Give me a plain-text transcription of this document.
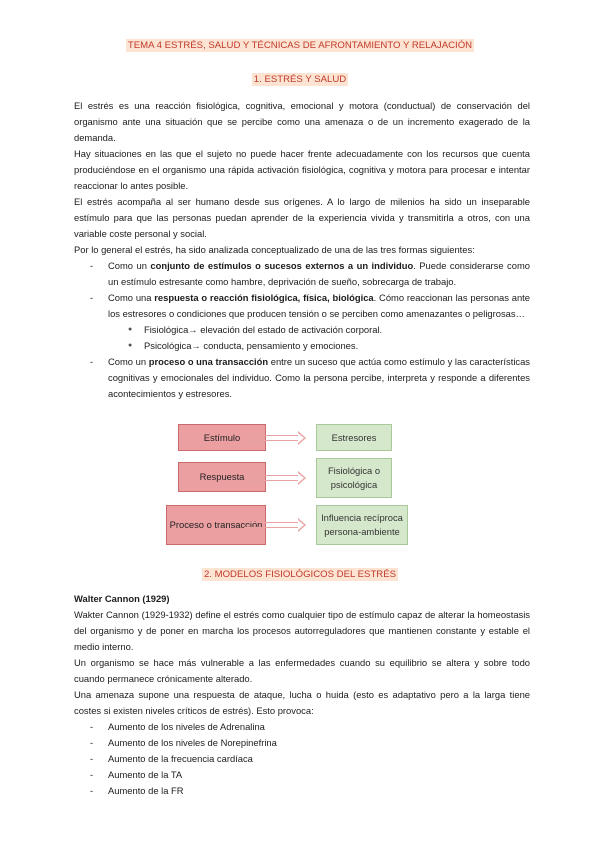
TEMA 4 ESTRÉS, SALUD Y TÉCNICAS DE AFRONTAMIENTO Y RELAJACIÓN
1. ESTRÉS Y SALUD

El estrés es una reacción fisiológica, cognitiva, emocional y motora (conductual) de conservación del organismo ante una situación que se percibe como una amenaza o de un incremento exagerado de la demanda.

Hay situaciones en las que el sujeto no puede hacer frente adecuadamente con los recursos que cuenta produciéndose en el organismo una rápida activación fisiológica, cognitiva y motora para procesar e intentar reaccionar lo antes posible.

El estrés acompaña al ser humano desde sus orígenes. A lo largo de milenios ha sido un inseparable estímulo para que las personas puedan aprender de la experiencia vivida y transmitirla a otros, con una variable coste personal y social.

Por lo general el estrés, ha sido analizada conceptualizado de una de las tres formas siguientes:

- Como un conjunto de estímulos o sucesos externos a un individuo. Puede considerarse como un estímulo estresante como hambre, deprivación de sueño, sobrecarga de trabajo.
- Como una respuesta o reacción fisiológica, física, biológica. Cómo reaccionan las personas ante los estresores o condiciones que producen tensión o se perciben como amenazantes o peligrosas…
● Fisiológica→ elevación del estado de activación corporal.
● Psicológica→ conducta, pensamiento y emociones.
- Como un proceso o una transacción entre un suceso que actúa como estímulo y las características cognitivas y emocionales del individuo. Como la persona percibe, interpreta y responde a diferentes acontecimientos y estresores.
Estímulo
Respuesta
Proceso o transacción
Estresores
Fisiológica o psicológica
Influencia recíproca persona-ambiente
2. MODELOS FISIOLÓGICOS DEL ESTRÉS

Walter Cannon (1929)

Wakter Cannon (1929-1932) define el estrés como cualquier tipo de estímulo capaz de alterar la homeostasis del organismo y de poner en marcha los procesos autorreguladores que mantienen constante y estable el medio interno.

Un organismo se hace más vulnerable a las enfermedades cuando su equilibrio se altera y sobre todo cuando permanece crónicamente alterado.

Una amenaza supone una respuesta de ataque, lucha o huida (esto es adaptativo pero a la larga tiene costes si existen niveles críticos de estrés). Esto provoca:

- Aumento de los niveles de Adrenalina
- Aumento de los niveles de Norepinefrina
- Aumento de la frecuencia cardíaca
- Aumento de la TA
- Aumento de la FR
